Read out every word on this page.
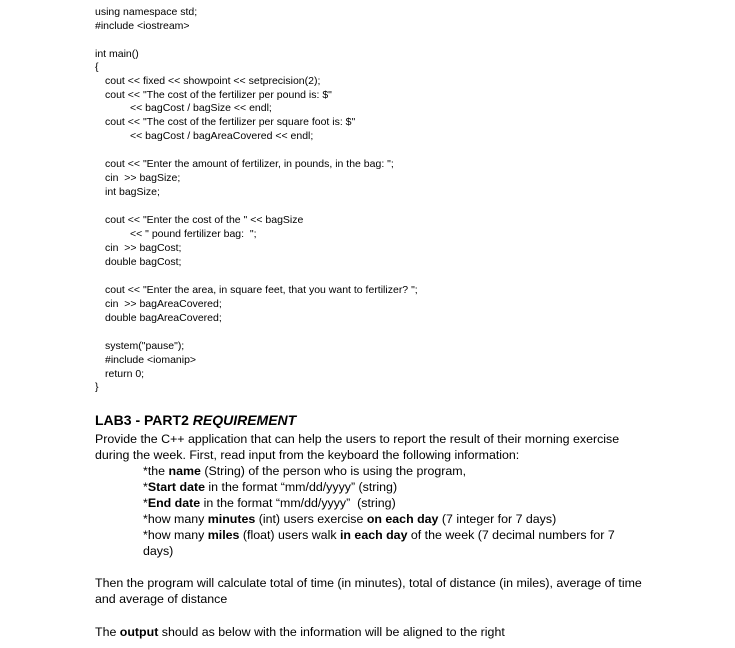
using namespace std;
#include <iostream>
int main()
{
cout << fixed << showpoint << setprecision(2);
cout << "The cost of the fertilizer per pound is: $"
<< bagCost / bagSize << endl;
cout << "The cost of the fertilizer per square foot is: $"
<< bagCost / bagAreaCovered << endl;
cout << "Enter the amount of fertilizer, in pounds, in the bag: ";
cin  >> bagSize;
int bagSize;
cout << "Enter the cost of the " << bagSize
<< " pound fertilizer bag:  ";
cin  >> bagCost;
double bagCost;
cout << "Enter the area, in square feet, that you want to fertilizer? ";
cin  >> bagAreaCovered;
double bagAreaCovered;
system("pause");
#include <iomanip>
return 0;
}
LAB3 - PART2 REQUIREMENT
Provide the C++ application that can help the users to report the result of their morning exercise
during the week. First, read input from the keyboard the following information:
*the name (String) of the person who is using the program,
*Start date in the format “mm/dd/yyyy” (string)
*End date in the format “mm/dd/yyyy”  (string)
*how many minutes (int) users exercise on each day (7 integer for 7 days)
*how many miles (float) users walk in each day of the week (7 decimal numbers for 7
days)
Then the program will calculate total of time (in minutes), total of distance (in miles), average of time
and average of distance
The output should as below with the information will be aligned to the right
